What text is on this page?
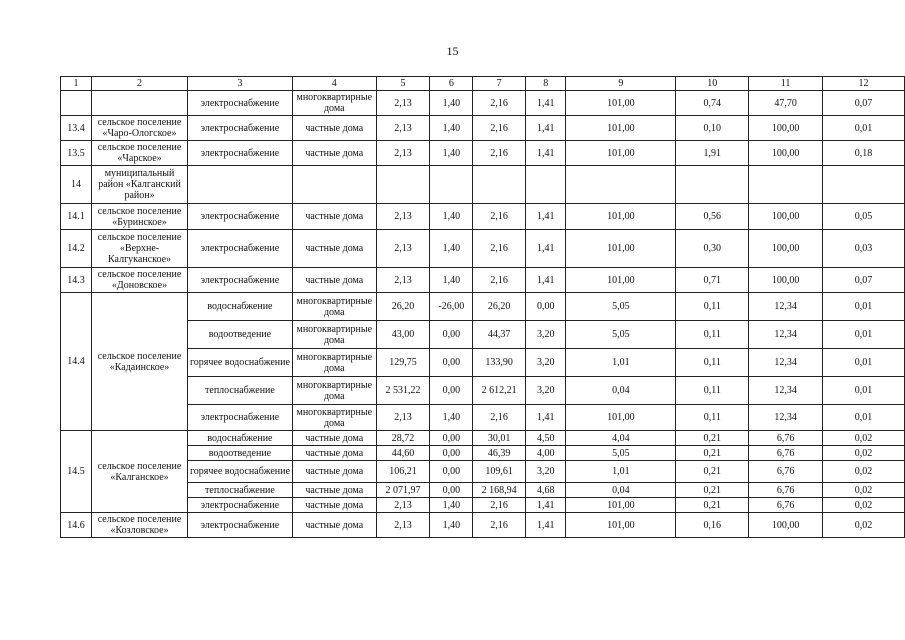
15
1	2	3	4	5	6	7	8	9	10	11	12
		электроснабжение	многоквартирные дома	2,13	1,40	2,16	1,41	101,00	0,74	47,70	0,07
13.4	сельское поселение «Чаро-Ологское»	электроснабжение	частные дома	2,13	1,40	2,16	1,41	101,00	0,10	100,00	0,01
13.5	сельское поселение «Чарское»	электроснабжение	частные дома	2,13	1,40	2,16	1,41	101,00	1,91	100,00	0,18
14	муниципальный район «Калганский район»										
14.1	сельское поселение «Буринское»	электроснабжение	частные дома	2,13	1,40	2,16	1,41	101,00	0,56	100,00	0,05
14.2	сельское поселение «Верхне-Калгуканское»	электроснабжение	частные дома	2,13	1,40	2,16	1,41	101,00	0,30	100,00	0,03
14.3	сельское поселение «Доновское»	электроснабжение	частные дома	2,13	1,40	2,16	1,41	101,00	0,71	100,00	0,07
14.4	сельское поселение «Кадаинское»	водоснабжение	многоквартирные дома	26,20	-26,00	26,20	0,00	5,05	0,11	12,34	0,01
		водоотведение	многоквартирные дома	43,00	0,00	44,37	3,20	5,05	0,11	12,34	0,01
		горячее водоснабжение	многоквартирные дома	129,75	0,00	133,90	3,20	1,01	0,11	12,34	0,01
		теплоснабжение	многоквартирные дома	2 531,22	0,00	2 612,21	3,20	0,04	0,11	12,34	0,01
		электроснабжение	многоквартирные дома	2,13	1,40	2,16	1,41	101,00	0,11	12,34	0,01
14.5	сельское поселение «Калганское»	водоснабжение	частные дома	28,72	0,00	30,01	4,50	4,04	0,21	6,76	0,02
		водоотведение	частные дома	44,60	0,00	46,39	4,00	5,05	0,21	6,76	0,02
		горячее водоснабжение	частные дома	106,21	0,00	109,61	3,20	1,01	0,21	6,76	0,02
		теплоснабжение	частные дома	2 071,97	0,00	2 168,94	4,68	0,04	0,21	6,76	0,02
		электроснабжение	частные дома	2,13	1,40	2,16	1,41	101,00	0,21	6,76	0,02
14.6	сельское поселение «Козловское»	электроснабжение	частные дома	2,13	1,40	2,16	1,41	101,00	0,16	100,00	0,02
